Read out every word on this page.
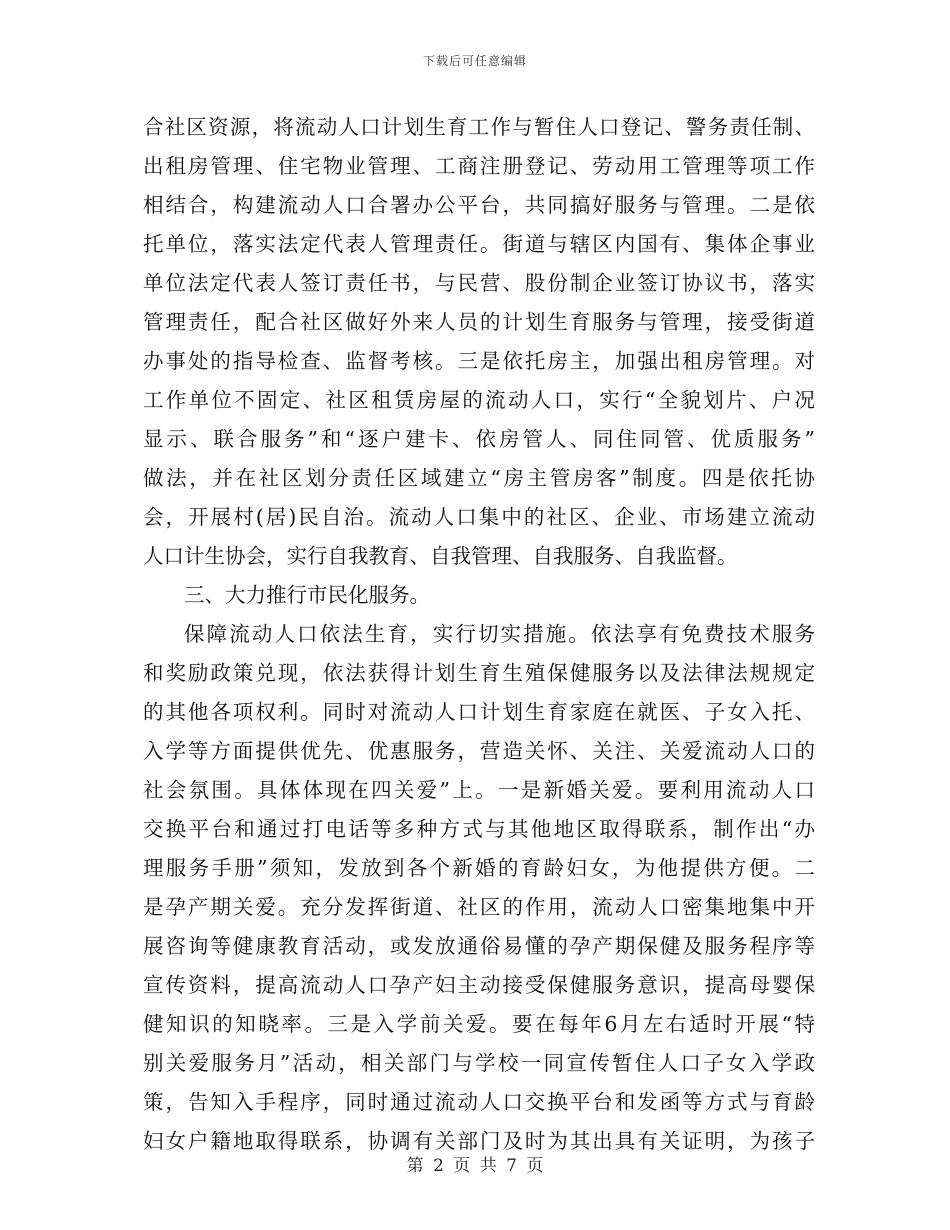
下载后可任意编辑
合社区资源，将流动人口计划生育工作与暂住人口登记、警务责任制、
出租房管理、住宅物业管理、工商注册登记、劳动用工管理等项工作
相结合，构建流动人口合署办公平台，共同搞好服务与管理。二是依
托单位，落实法定代表人管理责任。街道与辖区内国有、集体企事业
单位法定代表人签订责任书，与民营、股份制企业签订协议书，落实
管理责任，配合社区做好外来人员的计划生育服务与管理，接受街道
办事处的指导检查、监督考核。三是依托房主，加强出租房管理。对
工作单位不固定、社区租赁房屋的流动人口，实行“全貌划片、户况
显示、联合服务”和“逐户建卡、依房管人、同住同管、优质服务”
做法，并在社区划分责任区域建立“房主管房客”制度。四是依托协
会，开展村(居)民自治。流动人口集中的社区、企业、市场建立流动
人口计生协会，实行自我教育、自我管理、自我服务、自我监督。
三、大力推行市民化服务。
保障流动人口依法生育，实行切实措施。依法享有免费技术服务
和奖励政策兑现，依法获得计划生育生殖保健服务以及法律法规规定
的其他各项权利。同时对流动人口计划生育家庭在就医、子女入托、
入学等方面提供优先、优惠服务，营造关怀、关注、关爱流动人口的
社会氛围。具体体现在四关爱”上。一是新婚关爱。要利用流动人口
交换平台和通过打电话等多种方式与其他地区取得联系，制作出“办
理服务手册”须知，发放到各个新婚的育龄妇女，为他提供方便。二
是孕产期关爱。充分发挥街道、社区的作用，流动人口密集地集中开
展咨询等健康教育活动，或发放通俗易懂的孕产期保健及服务程序等
宣传资料，提高流动人口孕产妇主动接受保健服务意识，提高母婴保
健知识的知晓率。三是入学前关爱。要在每年6月左右适时开展“特
别关爱服务月”活动，相关部门与学校一同宣传暂住人口子女入学政
策，告知入手程序，同时通过流动人口交换平台和发函等方式与育龄
妇女户籍地取得联系，协调有关部门及时为其出具有关证明，为孩子
第 2 页 共 7 页
